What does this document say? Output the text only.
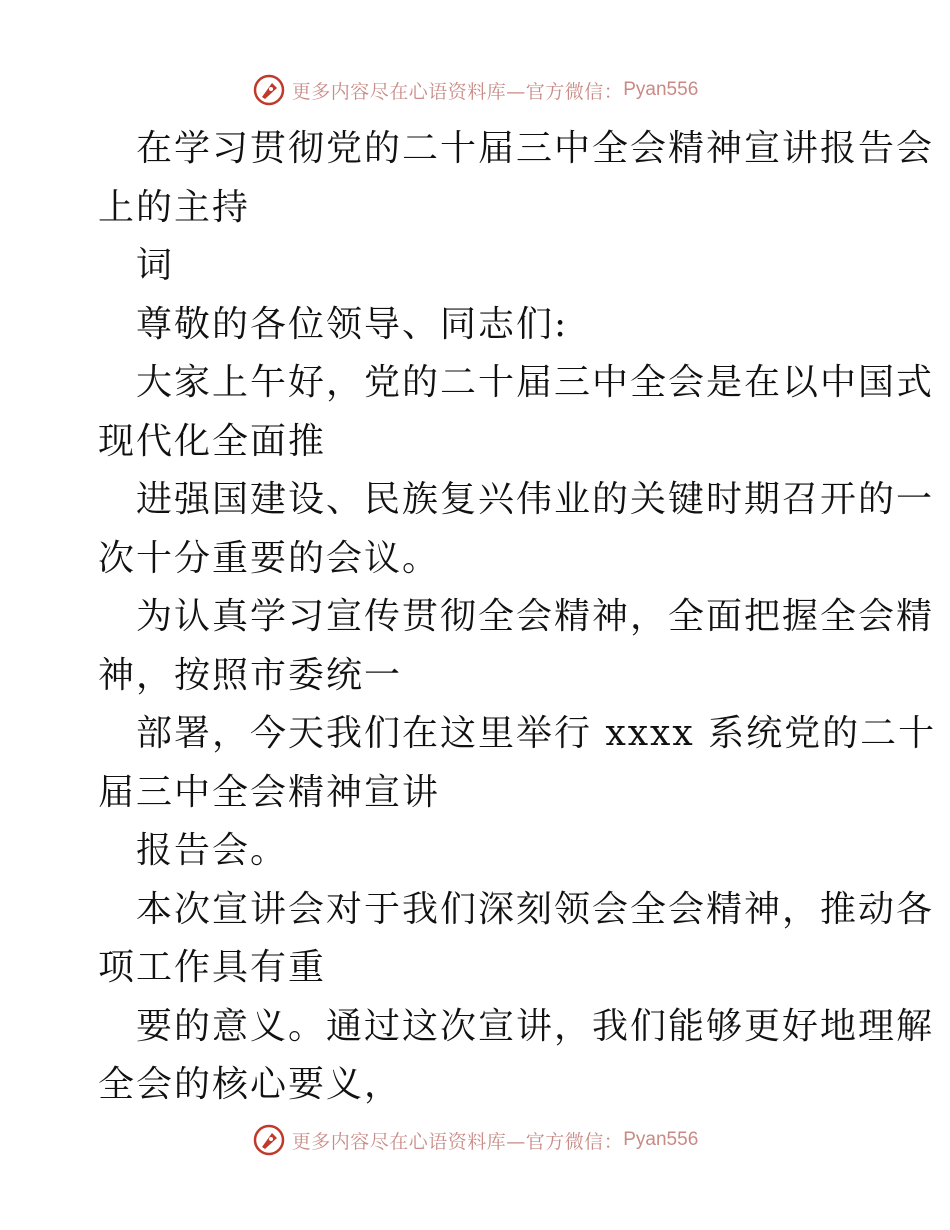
更多内容尽在心语资料库— 官方微信： Pyan556
在学习贯彻党的二十届三中全会精神宣讲报告会
上的主持
词
尊敬的各位领导、同志们:
大家上午好，党的二十届三中全会是在以中国式
现代化全面推
进强国建设、民族复兴伟业的关键时期召开的一
次十分重要的会议。
为认真学习宣传贯彻全会精神，全面把握全会精
神，按照市委统一
部署，今天我们在这里举行 xxxx 系统党的二十
届三中全会精神宣讲
报告会。
本次宣讲会对于我们深刻领会全会精神，推动各
项工作具有重
要的意义。通过这次宣讲，我们能够更好地理解
全会的核心要义，
更多内容尽在心语资料库— 官方微信： Pyan556
